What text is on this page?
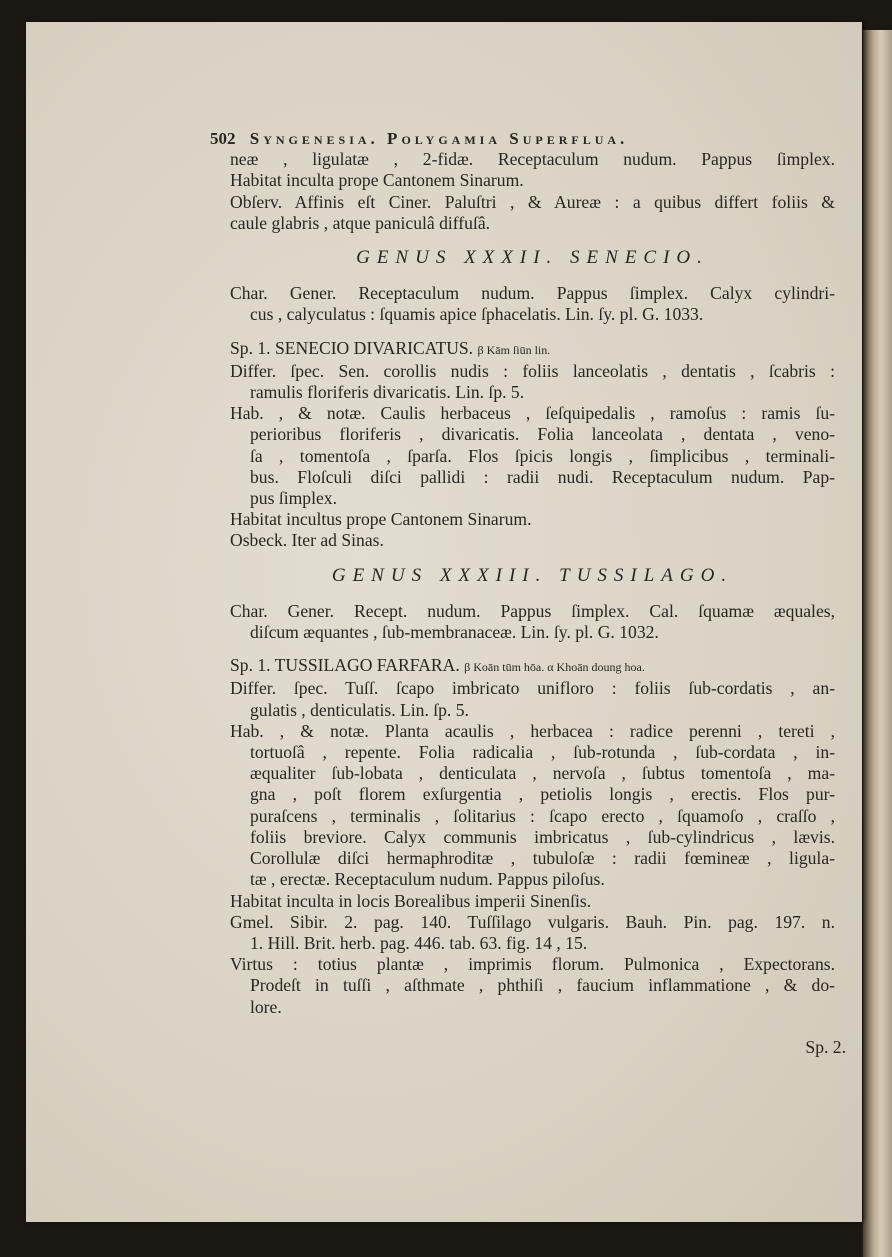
502 Syngenesia. Polygamia Superflua.
neæ , ligulatæ , 2-fidæ. Receptaculum nudum. Pappus ſimplex.
Habitat inculta prope Cantonem Sinarum.
Obſerv. Affinis eſt Ciner. Paluſtri , & Aureæ : a quibus differt foliis &
caule glabris , atque paniculâ diffuſâ.
GENUS XXXII. SENECIO.
Char. Gener. Receptaculum nudum. Pappus ſimplex. Calyx cylindri-
cus , calyculatus : ſquamis apice ſphacelatis. Lin. ſy. pl. G. 1033.
Sp. 1. SENECIO DIVARICATUS. β Kām ſiūn lin.
Differ. ſpec. Sen. corollis nudis : foliis lanceolatis , dentatis , ſcabris :
ramulis floriferis divaricatis. Lin. ſp. 5.
Hab. , & notæ. Caulis herbaceus , ſeſquipedalis , ramoſus : ramis ſu-
perioribus floriferis , divaricatis. Folia lanceolata , dentata , veno-
ſa , tomentoſa , ſparſa. Flos ſpicis longis , ſimplicibus , terminali-
bus. Floſculi diſci pallidi : radii nudi. Receptaculum nudum. Pap-
pus ſimplex.
Habitat incultus prope Cantonem Sinarum.
Osbeck. Iter ad Sinas.
GENUS XXXIII. TUSSILAGO.
Char. Gener. Recept. nudum. Pappus ſimplex. Cal. ſquamæ æquales,
diſcum æquantes , ſub-membranaceæ. Lin. ſy. pl. G. 1032.
Sp. 1. TUSSILAGO FARFARA. β Koān tūm hōa. α Khoān doung hoa.
Differ. ſpec. Tuſſ. ſcapo imbricato unifloro : foliis ſub-cordatis , an-
gulatis , denticulatis. Lin. ſp. 5.
Hab. , & notæ. Planta acaulis , herbacea : radice perenni , tereti ,
tortuoſâ , repente. Folia radicalia , ſub-rotunda , ſub-cordata , in-
æqualiter ſub-lobata , denticulata , nervoſa , ſubtus tomentoſa , ma-
gna , poſt florem exſurgentia , petiolis longis , erectis. Flos pur-
puraſcens , terminalis , ſolitarius : ſcapo erecto , ſquamoſo , craſſo ,
foliis breviore. Calyx communis imbricatus , ſub-cylindricus , lævis.
Corollulæ diſci hermaphroditæ , tubuloſæ : radii fœmineæ , ligula-
tæ , erectæ. Receptaculum nudum. Pappus piloſus.
Habitat inculta in locis Borealibus imperii Sinenſis.
Gmel. Sibir. 2. pag. 140. Tuſſilago vulgaris. Bauh. Pin. pag. 197. n.
1. Hill. Brit. herb. pag. 446. tab. 63. fig. 14 , 15.
Virtus : totius plantæ , imprimis florum. Pulmonica , Expectorans.
Prodeſt in tuſſi , aſthmate , phthiſi , faucium inflammatione , & do-
lore.
Sp. 2.
